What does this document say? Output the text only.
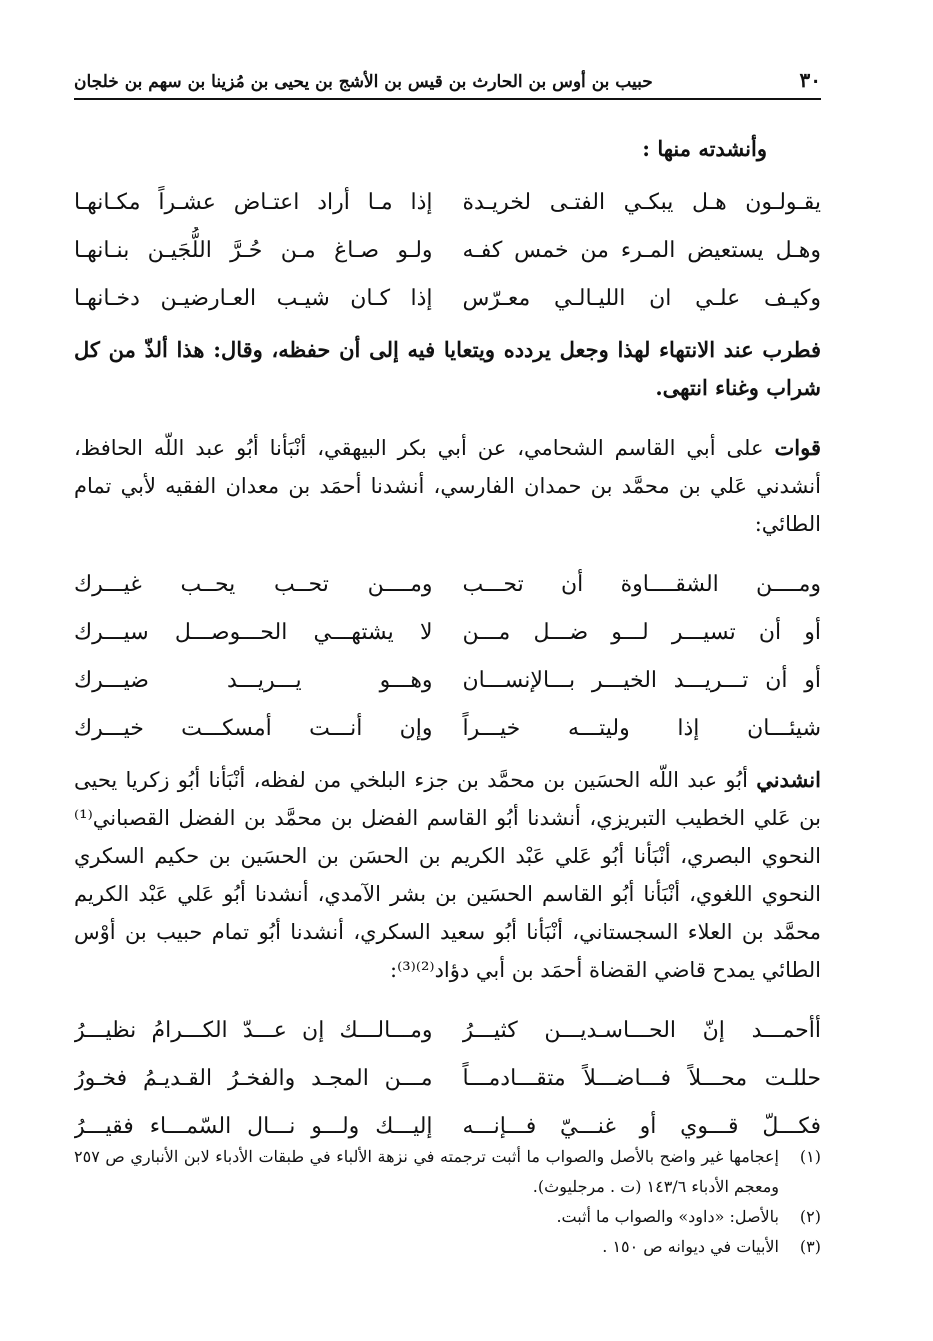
٣٠
حبيب بن أوس بن الحارث بن قيس بن الأشج بن يحيى بن مُزينا بن سهم بن خلجان
وأنشدته منها :
يقـولـون هـل يبكـي الفتـى لخريـدة
إذا مـا أراد اعتـاض عشـراً مكـانهـا
وهـل يستعيض المـرء من خمس كفـه
ولـو صـاغ مـن حُـرَّ اللُّجَيـن بنـانهـا
وكيـف علـي ان الليـالـي معـرّس
إذا كـان شيـب العـارضيـن دخـانهـا
فطرب عند الانتهاء لهذا وجعل يردده ويتعايا فيه إلى أن حفظه، وقال: هذا ألذّ من كل شراب وغناء انتهى.
قوات على أبي القاسم الشحامي، عن أبي بكر البيهقي، أنْبَأنا أبُو عبد اللّه الحافظ، أنشدني عَلي بن محمَّد بن حمدان الفارسي، أنشدنا أحمَد بن معدان الفقيه لأبي تمام الطائي:
ومــــن الشقــــاوة أن تحـــب
ومــــن تحــب يحــب غيـــرك
أو أن تسيـــر لـــو ضـــل مـــن
لا يشتهـــي الحـــوصـــل سيـــرك
أو أن تـــريـــد الخيـــر بـــالإنســـان
وهـــو يـــريـــد ضيـــرك
شيئـــان إذا وليتـــه خيـــراً
وإن أنـــت أمسكـــت خيـــرك
انشدني أبُو عبد اللّه الحسَين بن محمَّد بن جزء البلخي من لفظه، أنْبَأنا أبُو زكريا يحيى بن عَلي الخطيب التبريزي، أنشدنا أبُو القاسم الفضل بن محمَّد بن الفضل القصباني⁽¹⁾ النحوي البصري، أنْبَأنا أبُو عَلي عَبْد الكريم بن الحسَن بن الحسَين بن حكيم السكري النحوي اللغوي، أنْبَأنا أبُو القاسم الحسَين بن بشر الآمدي، أنشدنا أبُو عَلي عَبْد الكريم محمَّد بن العلاء السجستاني، أنْبَأنا أبُو سعيد السكري، أنشدنا أبُو تمام حبيب بن أوْس الطائي يمدح قاضي القضاة أحمَد بن أبي دؤاد⁽²⁾⁽³⁾:
أأحمـــد إنّ الحـــاسـديـــن كثيـــرُ
ومـــالـــك إن عـــدّ الكـــرامُ نظيـــرُ
حللـت محـــلاً فـــاضـــلاً متقـــادمـــاً
مـــن المجـد والفخـرُ القـديـمُ فخـورُ
فكـــلّ قـــوي أو غنـــيّ فـــإنـــه
إليـــك ولـــو نـــال السّمـــاء فقيـــرُ
(١)
إعجامها غير واضح بالأصل والصواب ما أثبت ترجمته في نزهة الألباء في طبقات الأدباء لابن الأنباري ص ٢٥٧ ومعجم الأدباء ١٤٣/٦ (ت . مرجليوث).
(٢)
بالأصل: «داود» والصواب ما أثبت.
(٣)
الأبيات في ديوانه ص ١٥٠ .
